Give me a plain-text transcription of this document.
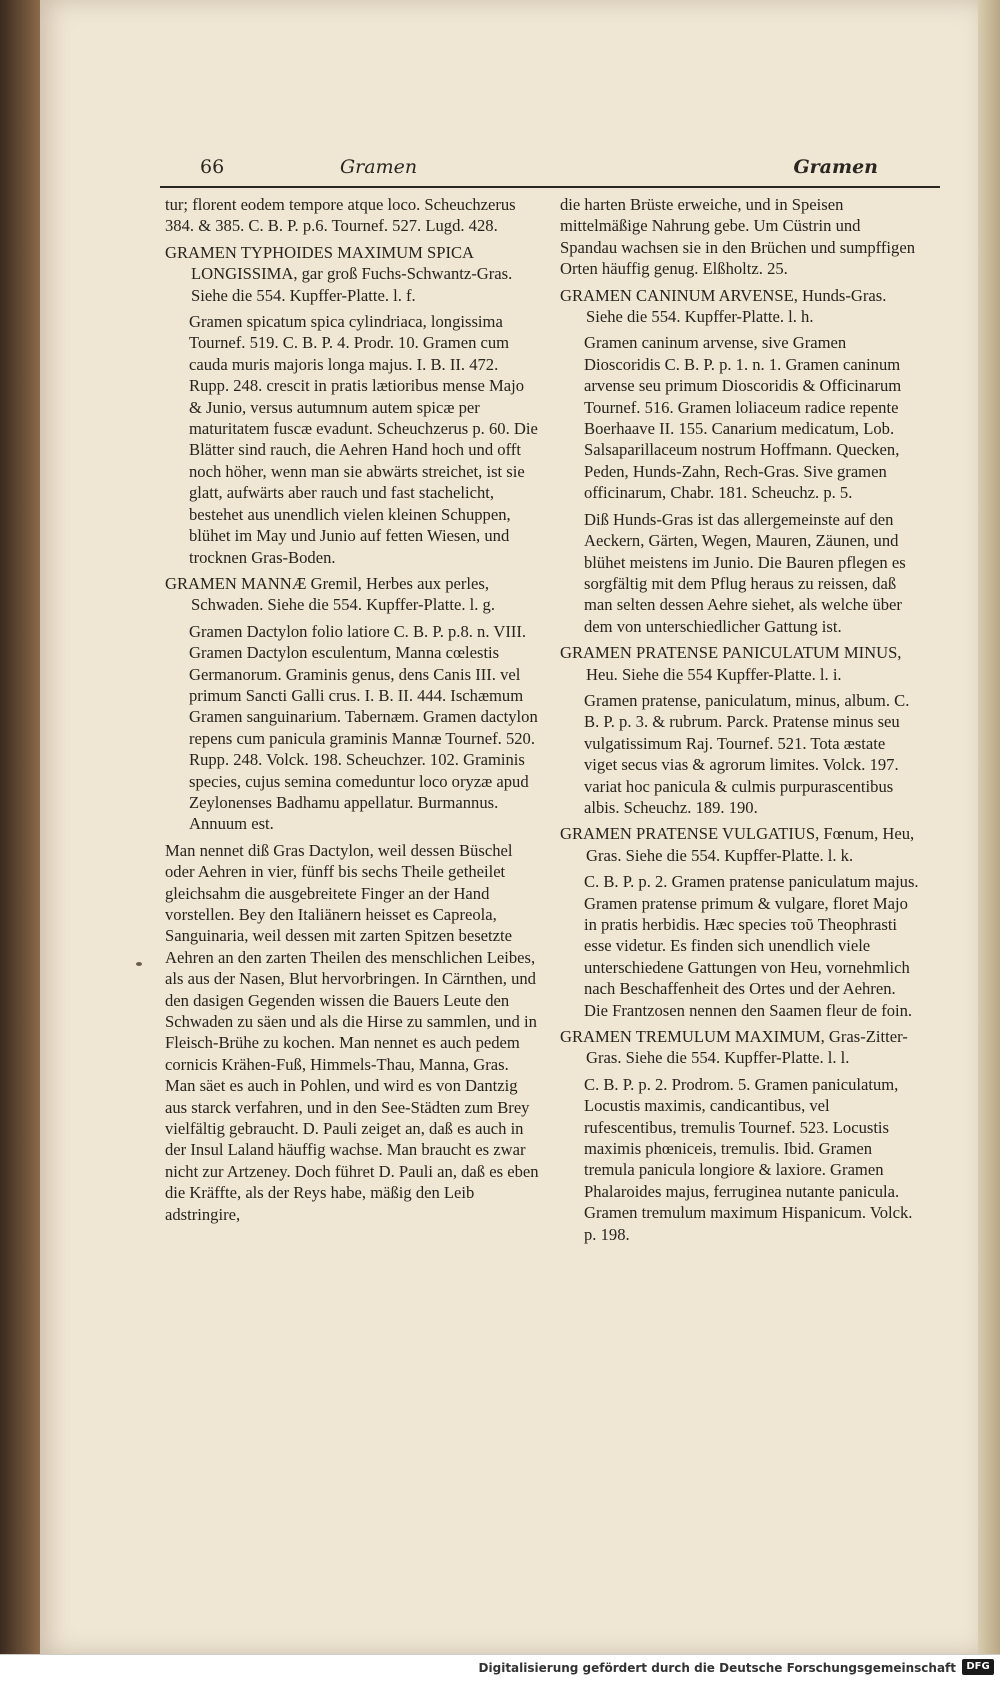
66	Gramen	Gramen

tur; florent eodem tempore atque loco. Scheuchzerus 384. & 385. C. B. P. p.6. Tournef. 527. Lugd. 428.

GRAMEN TYPHOIDES MAXIMUM SPICA LONGISSIMA, gar groß Fuchs-Schwantz-Gras. Siehe die 554. Kupffer-Platte. l. f.

Gramen spicatum spica cylindriaca, longissima Tournef. 519. C. B. P. 4. Prodr. 10. Gramen cum cauda muris majoris longa majus. I. B. II. 472. Rupp. 248. crescit in pratis lætioribus mense Majo & Junio, versus autumnum autem spicæ per maturitatem fuscæ evadunt. Scheuchzerus p. 60. Die Blätter sind rauch, die Aehren Hand hoch und offt noch höher, wenn man sie abwärts streichet, ist sie glatt, aufwärts aber rauch und fast stachelicht, bestehet aus unendlich vielen kleinen Schuppen, blühet im May und Junio auf fetten Wiesen, und trocknen Gras-Boden.

GRAMEN MANNÆ Gremil, Herbes aux perles, Schwaden. Siehe die 554. Kupffer-Platte. l. g.

Gramen Dactylon folio latiore C. B. P. p.8. n. VIII. Gramen Dactylon esculentum, Manna cœlestis Germanorum. Graminis genus, dens Canis III. vel primum Sancti Galli crus. I. B. II. 444. Ischæmum Gramen sanguinarium. Tabernæm. Gramen dactylon repens cum panicula graminis Mannæ Tournef. 520. Rupp. 248. Volck. 198. Scheuchzer. 102. Graminis species, cujus semina comeduntur loco oryzæ apud Zeylonenses Badhamu appellatur. Burmannus. Annuum est.

Man nennet diß Gras Dactylon, weil dessen Büschel oder Aehren in vier, fünff bis sechs Theile getheilet gleichsahm die ausgebreitete Finger an der Hand vorstellen. Bey den Italiänern heisset es Capreola, Sanguinaria, weil dessen mit zarten Spitzen besetzte Aehren an den zarten Theilen des menschlichen Leibes, als aus der Nasen, Blut hervorbringen. In Cärnthen, und den dasigen Gegenden wissen die Bauers Leute den Schwaden zu säen und als die Hirse zu sammlen, und in Fleisch-Brühe zu kochen. Man nennet es auch pedem cornicis Krähen-Fuß, Himmels-Thau, Manna, Gras. Man säet es auch in Pohlen, und wird es von Dantzig aus starck verfahren, und in den See-Städten zum Brey vielfältig gebraucht. D. Pauli zeiget an, daß es auch in der Insul Laland häuffig wachse. Man braucht es zwar nicht zur Artzeney. Doch führet D. Pauli an, daß es eben die Kräffte, als der Reys habe, mäßig den Leib adstringire,

die harten Brüste erweiche, und in Speisen mittelmäßige Nahrung gebe. Um Cüstrin und Spandau wachsen sie in den Brüchen und sumpffigen Orten häuffig genug. Elßholtz. 25.

GRAMEN CANINUM ARVENSE, Hunds-Gras. Siehe die 554. Kupffer-Platte. l. h.

Gramen caninum arvense, sive Gramen Dioscoridis C. B. P. p. 1. n. 1. Gramen caninum arvense seu primum Dioscoridis & Officinarum Tournef. 516. Gramen loliaceum radice repente Boerhaave II. 155. Canarium medicatum, Lob. Salsaparillaceum nostrum Hoffmann. Quecken, Peden, Hunds-Zahn, Rech-Gras. Sive gramen officinarum, Chabr. 181. Scheuchz. p. 5.

Diß Hunds-Gras ist das allergemeinste auf den Aeckern, Gärten, Wegen, Mauren, Zäunen, und blühet meistens im Junio. Die Bauren pflegen es sorgfältig mit dem Pflug heraus zu reissen, daß man selten dessen Aehre siehet, als welche über dem von unterschiedlicher Gattung ist.

GRAMEN PRATENSE PANICULATUM MINUS, Heu. Siehe die 554 Kupffer-Platte. l. i.

Gramen pratense, paniculatum, minus, album. C. B. P. p. 3. & rubrum. Parck. Pratense minus seu vulgatissimum Raj. Tournef. 521. Tota æstate viget secus vias & agrorum limites. Volck. 197. variat hoc panicula & culmis purpurascentibus albis. Scheuchz. 189. 190.

GRAMEN PRATENSE VULGATIUS, Fœnum, Heu, Gras. Siehe die 554. Kupffer-Platte. l. k.

C. B. P. p. 2. Gramen pratense paniculatum majus. Gramen pratense primum & vulgare, floret Majo in pratis herbidis. Hæc species τοῦ Theophrasti esse videtur. Es finden sich unendlich viele unterschiedene Gattungen von Heu, vornehmlich nach Beschaffenheit des Ortes und der Aehren. Die Frantzosen nennen den Saamen fleur de foin.

GRAMEN TREMULUM MAXIMUM, Gras-Zitter-Gras. Siehe die 554. Kupffer-Platte. l. l.

C. B. P. p. 2. Prodrom. 5. Gramen paniculatum, Locustis maximis, candicantibus, vel rufescentibus, tremulis Tournef. 523. Locustis maximis phœniceis, tremulis. Ibid. Gramen tremula panicula longiore & laxiore. Gramen Phalaroides majus, ferruginea nutante panicula. Gramen tremulum maximum Hispanicum. Volck. p. 198.

Digitalisierung gefördert durch die Deutsche Forschungsgemeinschaft	DFG
